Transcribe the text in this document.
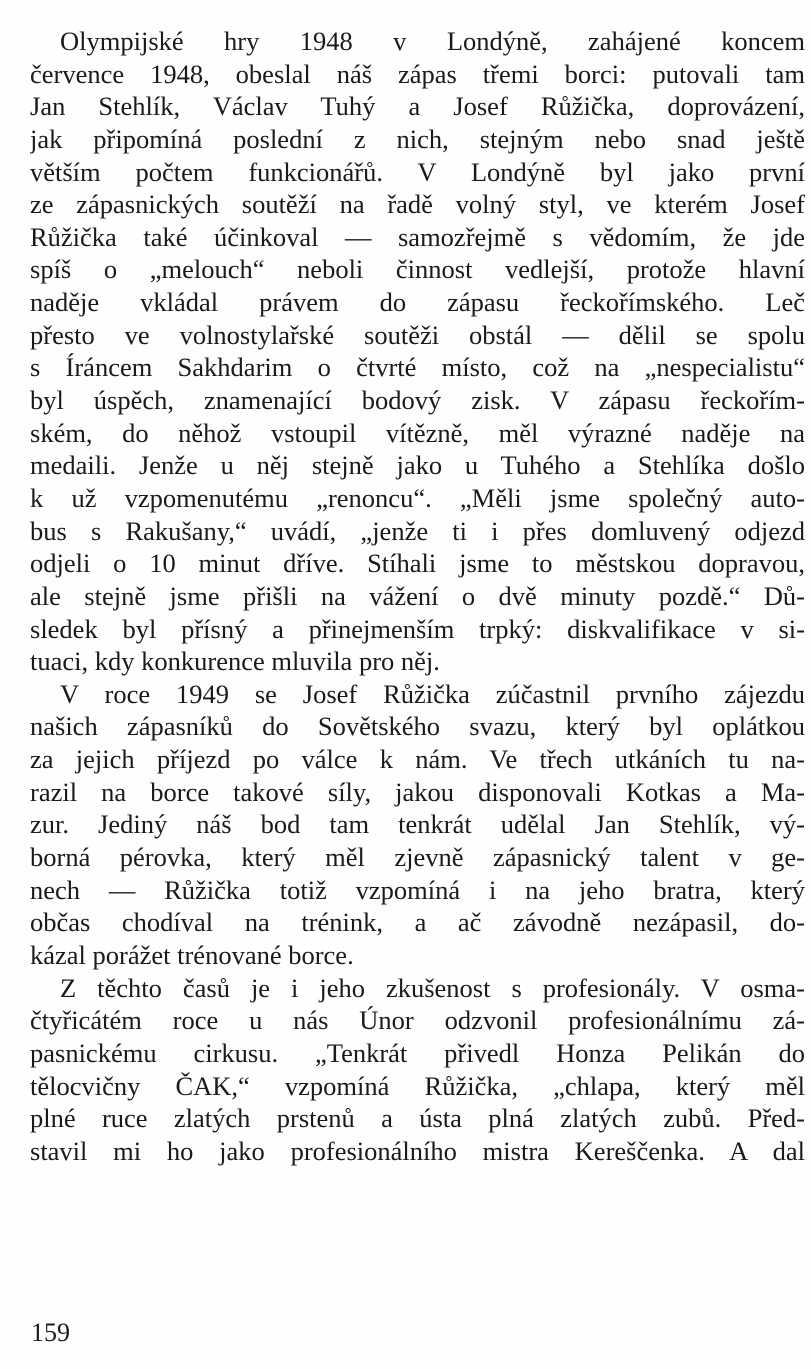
Olympijské hry 1948 v Londýně, zahájené koncem
července 1948, obeslal náš zápas třemi borci: putovali tam
Jan Stehlík, Václav Tuhý a Josef Růžička, doprovázení,
jak připomíná poslední z nich, stejným nebo snad ještě
větším počtem funkcionářů. V Londýně byl jako první
ze zápasnických soutěží na řadě volný styl, ve kterém Josef
Růžička také účinkoval — samozřejmě s vědomím, že jde
spíš o „melouch“ neboli činnost vedlejší, protože hlavní
naděje vkládal právem do zápasu řeckořímského. Leč
přesto ve volnostylařské soutěži obstál — dělil se spolu
s Íráncem Sakhdarim o čtvrté místo, což na „nespecialistu“
byl úspěch, znamenající bodový zisk. V zápasu řeckořím-
ském, do něhož vstoupil vítězně, měl výrazné naděje na
medaili. Jenže u něj stejně jako u Tuhého a Stehlíka došlo
k už vzpomenutému „renoncu“. „Měli jsme společný auto-
bus s Rakušany,“ uvádí, „jenže ti i přes domluvený odjezd
odjeli o 10 minut dříve. Stíhali jsme to městskou dopravou,
ale stejně jsme přišli na vážení o dvě minuty pozdě.“ Dů-
sledek byl přísný a přinejmenším trpký: diskvalifikace v si-
tuaci, kdy konkurence mluvila pro něj.
V roce 1949 se Josef Růžička zúčastnil prvního zájezdu
našich zápasníků do Sovětského svazu, který byl oplátkou
za jejich příjezd po válce k nám. Ve třech utkáních tu na-
razil na borce takové síly, jakou disponovali Kotkas a Ma-
zur. Jediný náš bod tam tenkrát udělal Jan Stehlík, vý-
borná pérovka, který měl zjevně zápasnický talent v ge-
nech — Růžička totiž vzpomíná i na jeho bratra, který
občas chodíval na trénink, a ač závodně nezápasil, do-
kázal porážet trénované borce.
Z těchto časů je i jeho zkušenost s profesionály. V osma-
čtyřicátém roce u nás Únor odzvonil profesionálnímu zá-
pasnickému cirkusu. „Tenkrát přivedl Honza Pelikán do
tělocvičny ČAK,“ vzpomíná Růžička, „chlapa, který měl
plné ruce zlatých prstenů a ústa plná zlatých zubů. Před-
stavil mi ho jako profesionálního mistra Kereščenka. A dal
159
